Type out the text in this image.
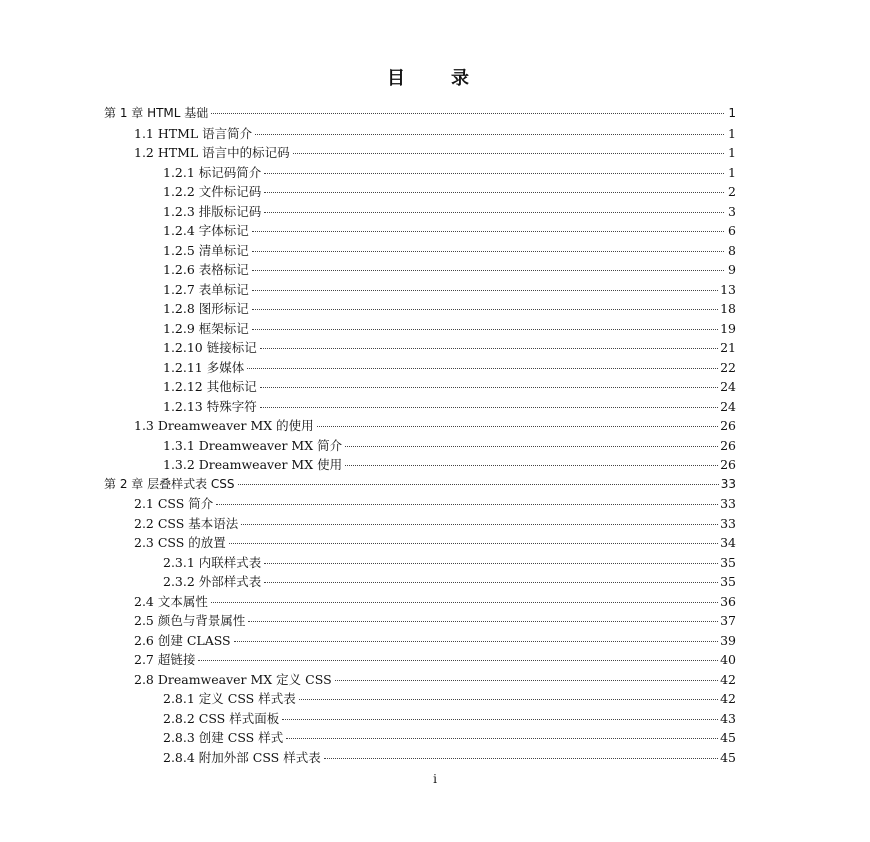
目　录
第 1 章 HTML 基础	1
1.1 HTML 语言简介	1
1.2 HTML 语言中的标记码	1
1.2.1 标记码简介	1
1.2.2 文件标记码	2
1.2.3 排版标记码	3
1.2.4 字体标记	6
1.2.5 清单标记	8
1.2.6 表格标记	9
1.2.7 表单标记	13
1.2.8 图形标记	18
1.2.9 框架标记	19
1.2.10 链接标记	21
1.2.11 多媒体	22
1.2.12 其他标记	24
1.2.13 特殊字符	24
1.3 Dreamweaver MX 的使用	26
1.3.1 Dreamweaver MX 简介	26
1.3.2 Dreamweaver MX 使用	26
第 2 章 层叠样式表 CSS	33
2.1 CSS 简介	33
2.2 CSS 基本语法	33
2.3 CSS 的放置	34
2.3.1 内联样式表	35
2.3.2 外部样式表	35
2.4 文本属性	36
2.5 颜色与背景属性	37
2.6 创建 CLASS	39
2.7 超链接	40
2.8 Dreamweaver MX 定义 CSS	42
2.8.1 定义 CSS 样式表	42
2.8.2 CSS 样式面板	43
2.8.3 创建 CSS 样式	45
2.8.4 附加外部 CSS 样式表	45
i
